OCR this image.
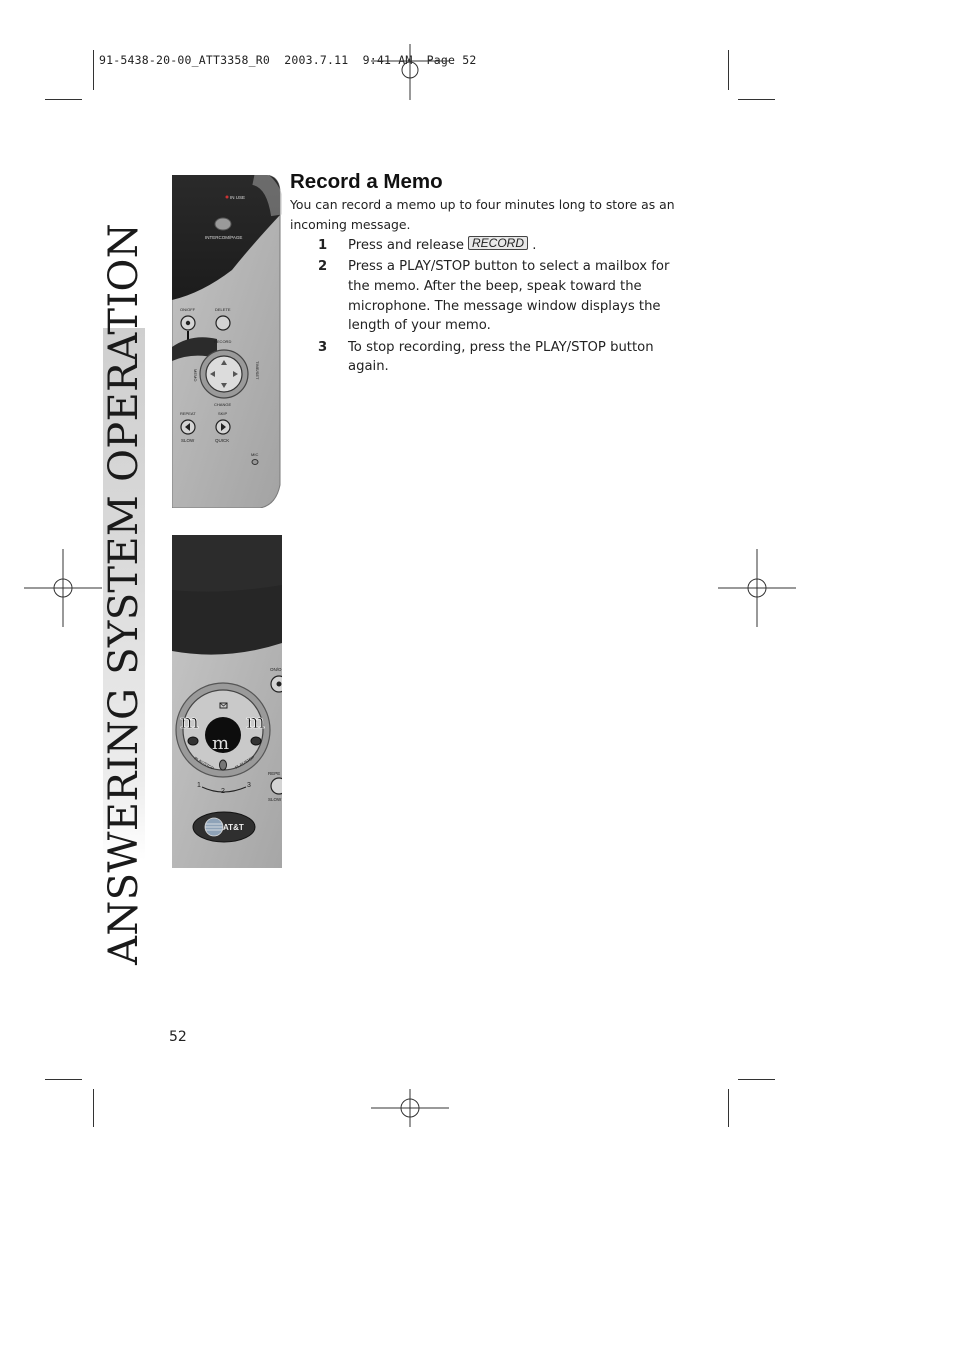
91-5438-20-00_ATT3358_R0  2003.7.11  9:41 AM  Page 52
ANSWERING SYSTEM OPERATION
IN USE
INTERCOM/PAGE
ON/OFF	DELETE
RECORD
MEMO	TIME/SET
CHANGE
REPEAT	SKIP
SLOW	QUICK
MIC
ON/O
m m
m
PLAY/STOP	PLAY/STOP
1
2
3
REPE
SLOW
AT&T
Record a Memo
You can record a memo up to four minutes long to store as an incoming message.
1	Press and release RECORD .
2	Press a PLAY/STOP button to select a mailbox for the memo. After the beep, speak toward the microphone. The message window displays the length of your memo.
3	To stop recording, press the PLAY/STOP button again.
52
